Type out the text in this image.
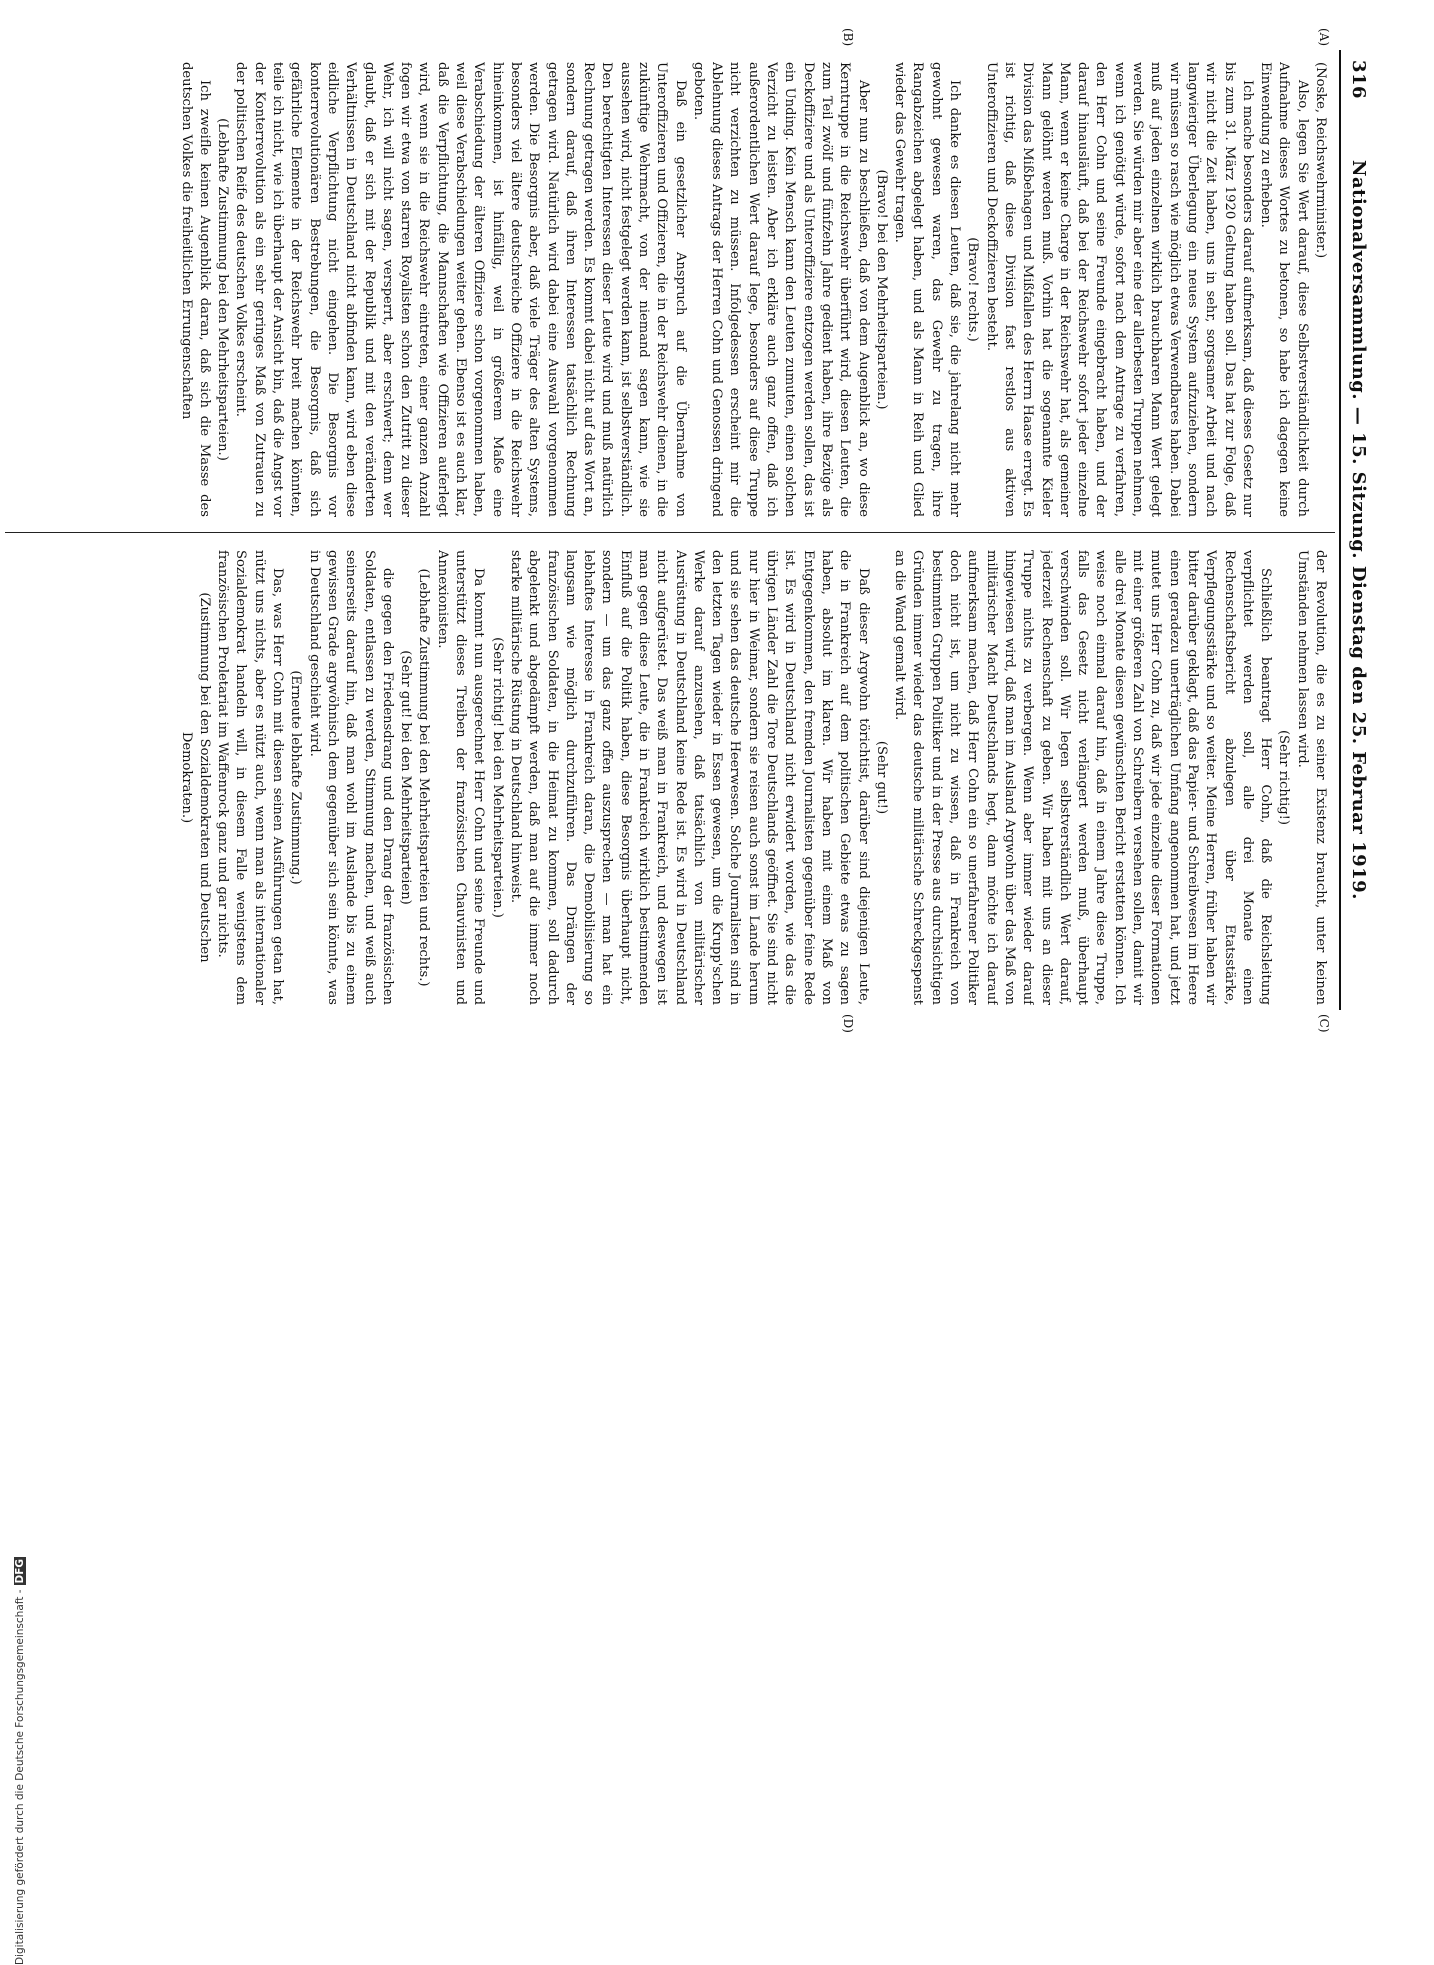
316
Nationalversammlung. — 15. Sitzung. Dienstag den 25. Februar 1919.
(A)
(B)
(C)
(D)

(Noske, Reichswehrminister.)

Also, legen Sie Wert darauf, diese Selbstverständlichkeit durch Aufnahme dieses Wortes zu betonen, so habe ich dagegen keine Einwendung zu erheben.

Ich mache besonders darauf aufmerksam, daß dieses Gesetz nur bis zum 31. März 1920 Geltung haben soll. Das hat zur Folge, daß wir nicht die Zeit haben, uns in sehr, sorgsamer Arbeit und nach langwieriger Überlegung ein neues System aufzuziehen, sondern wir müssen so rasch wie möglich etwas Verwendbares haben. Dabei muß auf jeden einzelnen wirklich brauchbaren Mann Wert gelegt werden. Sie würden mir aber eine der allerbesten Truppen nehmen, wenn ich genötigt würde, sofort nach dem Antrage zu verfahren, den Herr Cohn und seine Freunde eingebracht haben, und der darauf hinausläuft, daß bei der Reichswehr sofort jeder einzelne Mann, wenn er keine Charge in der Reichswehr hat, als gemeiner Mann gelöhnt werden muß. Vorhin hat die sogenannte Kieler Division das Mißbehagen und Mißfallen des Herrn Haase erregt. Es ist richtig, daß diese Division fast restlos aus aktiven Unteroffizieren und Deckoffizieren besteht.

(Bravo! rechts.)

Ich danke es diesen Leuten, daß sie, die jahrelang nicht mehr gewohnt gewesen waren, das Gewehr zu tragen, ihre Rangabzeichen abgelegt haben, und als Mann in Reih und Glied wieder das Gewehr tragen.

(Bravo! bei den Mehrheitsparteien.)

Aber nun zu beschließen, daß von dem Augenblick an, wo diese Kerntruppe in die Reichswehr überführt wird, diesen Leuten, die zum Teil zwölf und fünfzehn Jahre gedient haben, ihre Bezüge als Deckoffiziere und als Unteroffiziere entzogen werden sollen, das ist ein Unding. Kein Mensch kann den Leuten zumuten, einen solchen Verzicht zu leisten. Aber ich erkläre auch ganz offen, daß ich außerordentlichen Wert darauf lege, besonders auf diese Truppe nicht verzichten zu müssen. Infolgedessen erscheint mir die Ablehnung dieses Antrags der Herren Cohn und Genossen dringend geboten.

Daß ein gesetzlicher Anspruch auf die Übernahme von Unteroffizieren und Offizieren, die in der Reichswehr dienen, in die zukünftige Wehrmacht, von der niemand sagen kann, wie sie aussehen wird, nicht festgelegt werden kann, ist selbstverständlich. Den berechtigten Interessen dieser Leute wird und muß natürlich Rechnung getragen werden. Es kommt dabei nicht auf das Wort an, sondern darauf, daß ihren Interessen tatsächlich Rechnung getragen wird. Natürlich wird dabei eine Auswahl vorgenommen werden. Die Besorgnis aber, daß viele Träger des alten Systems, besonders viel ältere deutschreiche Offiziere in die Reichswehr hineinkommen, ist hinfällig, weil in größerem Maße eine Verabschiedung der älteren Offiziere schon vorgenommen haben, weil diese Verabschiedungen weiter gehen. Ebenso ist es auch klar, daß die Verpflichtung, die Mannschaften wie Offizieren auferlegt wird, wenn sie in die Reichswehr eintreten, einer ganzen Anzahl fogen wir etwa von starren Royalisten schon den Zutritt zu dieser Wehr, ich will nicht sagen, versperrt, aber erschwert; denn wer glaubt, daß er sich mit der Republik und mit den veränderten Verhältnissen in Deutschland nicht abfinden kann, wird eben diese eidliche Verpflichtung nicht eingehen. Die Besorgnis vor konterrevolutionären Bestrebungen, die Besorgnis, daß sich gefährliche Elemente in der Reichswehr breit machen könnten, teile ich nicht, wie ich überhaupt der Ansicht bin, daß die Angst vor der Konterrevolution als ein sehr geringes Maß von Zutrauen zu der politischen Reife des deutschen Volkes erscheint.

(Lebhafte Zustimmung bei den Mehrheitsparteien.)

Ich zweifle keinen Augenblick daran, daß sich die Masse des deutschen Volkes die freiheitlichen Errungenschaften

der Revolution, die es zu seiner Existenz braucht, unter keinen Umständen nehmen lassen wird.

(Sehr richtig!)

Schließlich beantragt Herr Cohn, daß die Reichsleitung verpflichtet werden soll, alle drei Monate einen Rechenschaftsbericht abzulegen über Etatsstärke, Verpflegungsstärke und so weiter. Meine Herren, früher haben wir bitter darüber geklagt, daß das Papier- und Schreibwesen im Heere einen geradezu unerträglichen Umfang angenommen hat, und jetzt mutet uns Herr Cohn zu, daß wir jede einzelne dieser Formationen mit einer größeren Zahl von Schreibern versehen sollen, damit wir alle drei Monate diesen gewünschten Bericht erstatten können. Ich weise noch einmal darauf hin, daß in einem Jahre diese Truppe, falls das Gesetz nicht verlängert werden muß, überhaupt verschwinden soll. Wir legen selbstverständlich Wert darauf, jederzeit Rechenschaft zu geben. Wir haben mit uns an dieser Truppe nichts zu verbergen. Wenn aber immer wieder darauf hingewiesen wird, daß man im Ausland Argwohn über das Maß von militärischer Macht Deutschlands hegt, dann möchte ich darauf aufmerksam machen, daß Herr Cohn ein so unerfahrener Politiker doch nicht ist, um nicht zu wissen, daß in Frankreich von bestimmten Gruppen Politiker und in der Presse aus durchsichtigen Gründen immer wieder das deutsche militärische Schreckgespenst an die Wand gemalt wird.

(Sehr gut!)

Daß dieser Argwohn törichtist, darüber sind diejenigen Leute, die in Frankreich auf dem politischen Gebiete etwas zu sagen haben, absolut im klaren. Wir haben mit einem Maß von Entgegenkommen, den fremden Journalisten gegenüber feine Rede ist. Es wird in Deutschland nicht erwidert worden, wie das die übrigen Länder Zahl die Tore Deutschlands geöffnet. Sie sind nicht nur hier in Weimar, sondern sie reisen auch sonst im Lande herum und sie sehen das deutsche Heerwesen. Solche Journalisten sind in den letzten Tagen wieder in Essen gewesen, um die Krupp'schen Werke darauf anzusehen, daß tatsächlich von militärischer Ausrüstung in Deutschland keine Rede ist. Es wird in Deutschland nicht aufgerüstet. Das weiß man in Frankreich, und deswegen ist man gegen diese Leute, die in Frankreich wirklich bestimmenden Einfluß auf die Politik haben, diese Besorgnis überhaupt nicht, sondern — um das ganz offen auszusprechen — man hat ein lebhaftes Interesse in Frankreich daran, die Demobilisierung so langsam wie möglich durchzuführen. Das Drängen der französischen Soldaten, in die Heimat zu kommen, soll dadurch abgelenkt und abgedämpft werden, daß man auf die immer noch starke militärische Rüstung in Deutschland hinweist.

(Sehr richtig! bei den Mehrheitsparteien.)

Da kommt nun ausgerechnet Herr Cohn und seine Freunde und unterstützt dieses Treiben der französischen Chauvinisten und Annexionisten.

(Lebhafte Zustimmung bei den Mehrheitsparteien und rechts.)

(Sehr gut! bei den Mehrheitsparteien)

die gegen den Friedensdrang und den Drang der französischen Soldaten, entlassen zu werden, Stimmung machen, und weiß auch seinerseits darauf hin, daß man wohl im Auslande bis zu einem gewissen Grade argwöhnisch dem gegenüber sich sein könnte, was in Deutschland geschieht wird.

(Erneute lebhafte Zustimmung.)

Das, was Herr Cohn mit diesen seinen Ausführungen getan hat, nützt uns nichts, aber es nützt auch, wenn man als internationaler Sozialdemokrat handeln will, in diesem Falle wenigstens dem französischen Proletariat im Waffenrock ganz und gar nichts.

(Zustimmung bei den Sozialdemokraten und Deutschen Demokraten.)

Digitalisierung gefördert durch die Deutsche Forschungsgemeinschaft -DFG
